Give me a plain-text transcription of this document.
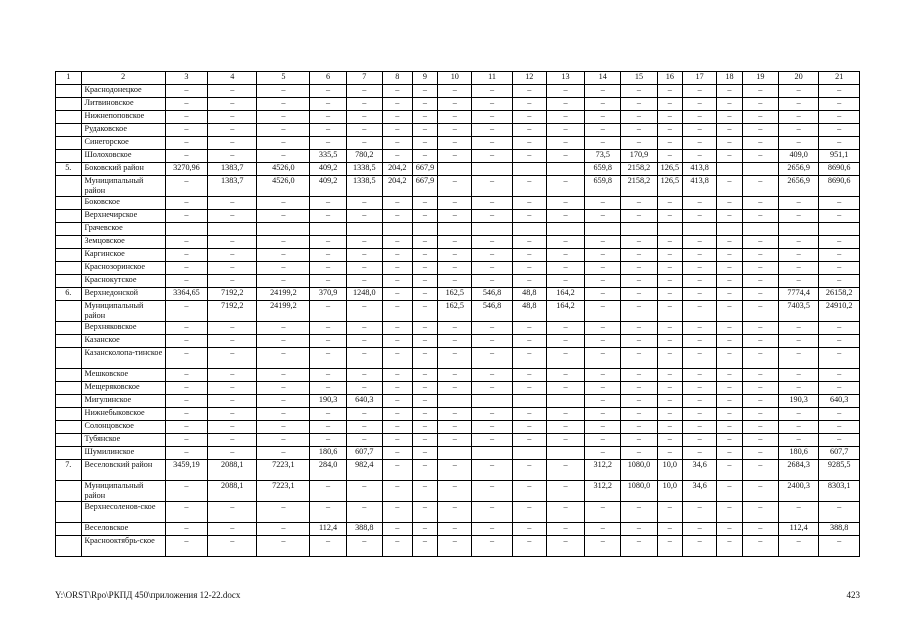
1	2	3	4	5	6	7	8	9	10	11	12	13	14	15	16	17	18	19	20	21
	Краснодонецкое	–	–	–	–	–	–	–	–	–	–	–	–	–	–	–	–	–	–	–
	Литвиновское	–	–	–	–	–	–	–	–	–	–	–	–	–	–	–	–	–	–	–
	Нижнепоповское	–	–	–	–	–	–	–	–	–	–	–	–	–	–	–	–	–	–	–
	Рудаковское	–	–	–	–	–	–	–	–	–	–	–	–	–	–	–	–	–	–	–
	Синегорское	–	–	–	–	–	–	–	–	–	–	–	–	–	–	–	–	–	–	–
	Шолоховское	–	–	–	335,5	780,2	–	–	–	–	–	–	73,5	170,9	–	–	–	–	409,0	951,1
5.	Боковский район	3270,96	1383,7	4526,0	409,2	1338,5	204,2	667,9					659,8	2158,2	126,5	413,8			2656,9	8690,6
	Муниципальный район	–	1383,7	4526,0	409,2	1338,5	204,2	667,9	–	–	–	–	659,8	2158,2	126,5	413,8	–	–	2656,9	8690,6
	Боковское	–	–	–	–	–	–	–	–	–	–	–	–	–	–	–	–	–	–	–
	Верхнечирское	–	–	–	–	–	–	–	–	–	–	–	–	–	–	–	–	–	–	–
	Грачевское																			
	Земцовское	–	–	–	–	–	–	–	–	–	–	–	–	–	–	–	–	–	–	–
	Каргинское	–	–	–	–	–	–	–	–	–	–	–	–	–	–	–	–	–	–	–
	Краснозоринское	–	–	–	–	–	–	–	–	–	–	–	–	–	–	–	–	–	–	–
	Краснокутское	–	–	–	–	–	–	–	–	–	–	–	–	–	–	–	–	–	–	–
6.	Верхнедонской	3364,65	7192,2	24199,2	370,9	1248,0	–	–	162,5	546,8	48,8	164,2	–	–	–	–	–	–	7774,4	26158,2
	Муниципальный район	–	7192,2	24199,2	–	–	–	–	162,5	546,8	48,8	164,2	–	–	–	–	–	–	7403,5	24910,2
	Верхняковское	–	–	–	–	–	–	–	–	–	–	–	–	–	–	–	–	–	–	–
	Казанское	–	–	–	–	–	–	–	–	–	–	–	–	–	–	–	–	–	–	–
	Казансколопа-тинское	–	–	–	–	–	–	–	–	–	–	–	–	–	–	–	–	–	–	–
	Мешковское	–	–	–	–	–	–	–	–	–	–	–	–	–	–	–	–	–	–	–
	Мещеряковское	–	–	–	–	–	–	–	–	–	–	–	–	–	–	–	–	–	–	–
	Мигулинское	–	–	–	190,3	640,3	–	–					–	–	–	–	–	–	190,3	640,3
	Нижнебыковское	–	–	–	–	–	–	–	–	–	–	–	–	–	–	–	–	–	–	–
	Солонцовское	–	–	–	–	–	–	–	–	–	–	–	–	–	–	–	–	–	–	–
	Тубянское	–	–	–	–	–	–	–	–	–	–	–	–	–	–	–	–	–	–	–
	Шумилинское	–	–	–	180,6	607,7	–	–					–	–	–	–	–	–	180,6	607,7
7.	Веселовский район	3459,19	2088,1	7223,1	284,0	982,4	–	–	–	–	–	–	312,2	1080,0	10,0	34,6	–	–	2684,3	9285,5
	Муниципальный район	–	2088,1	7223,1	–	–	–	–	–	–	–	–	312,2	1080,0	10,0	34,6	–	–	2400,3	8303,1
	Верхнесоленов-ское	–	–	–	–	–	–	–	–	–	–	–	–	–	–	–	–	–	–	–
	Веселовское	–	–	–	112,4	388,8	–	–	–	–	–	–	–	–	–	–	–	–	112,4	388,8
	Краснооктябрь-ское	–	–	–	–	–	–	–	–	–	–	–	–	–	–	–	–	–	–	–
Y:\ORST\Rpo\РКПД 450\приложения 12-22.docx	423
